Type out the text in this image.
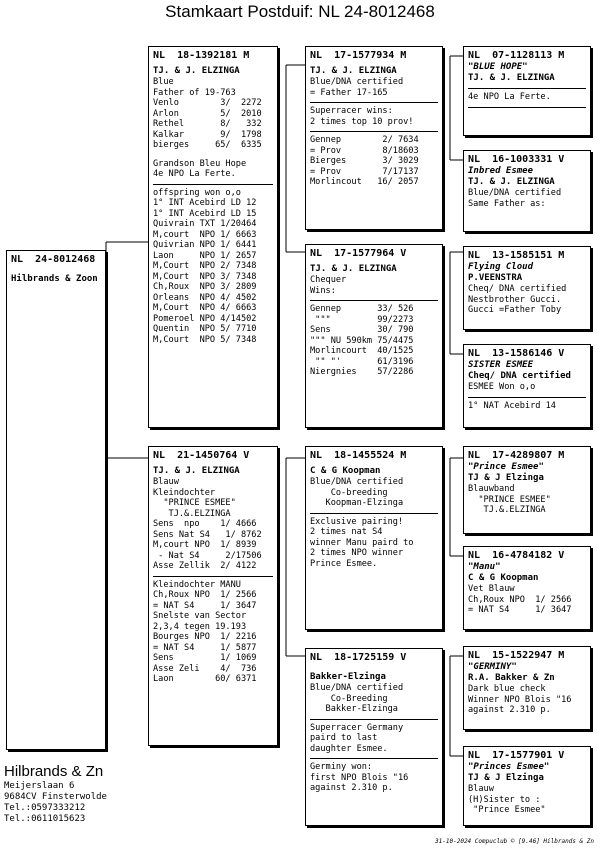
Stamkaart Postduif: NL 24-8012468
NL  24-8012468
Hilbrands & Zoon
NL  18-1392181 M
TJ. & J. ELZINGA
Blue
Father of 19-763
Venlo        3/  2272
Arlon        5/  2010
Rethel       8/   332
Kalkar       9/  1798
bierges     65/  6335
Grandson Bleu Hope
4e NPO La Ferte.
offspring won o,o
1° INT Acebird LD 12
1° INT Acebird LD 15
Quivrain TXT 1/20464
M,court  NPO 1/ 6663
Quivrian NPO 1/ 6441
Laon     NPO 1/ 2657
M,Court  NPO 2/ 7348
M,Court  NPO 3/ 7348
Ch,Roux  NPO 3/ 2809
Orleans  NPO 4/ 4502
M,Court  NPO 4/ 6663
Pomeroel NPO 4/14502
Quentin  NPO 5/ 7710
M,Court  NPO 5/ 7348
NL  21-1450764 V
TJ. & J. ELZINGA
Blauw
Kleindochter
"PRINCE ESMEE"
TJ.&.ELZINGA
Sens  npo    1/ 4666
Sens Nat S4   1/ 8762
M,court NPO  1/ 8939
- Nat S4     2/17506
Asse Zellik  2/ 4122
Kleindochter MANU
Ch,Roux NPO  1/ 2566
= NAT S4     1/ 3647
Snelste van Sector
2,3,4 tegen 19.193
Bourges NPO  1/ 2216
= NAT S4     1/ 5877
Sens         1/ 1069
Asse Zeli    4/  736
Laon        60/ 6371
NL  17-1577934 M
TJ. & J. ELZINGA
Blue/DNA certified
= Father 17-165
Superracer wins:
2 times top 10 prov!
Gennep        2/ 7634
= Prov        8/18603
Bierges       3/ 3029
= Prov        7/17137
Morlincout   16/ 2057
NL  17-1577964 V
TJ. & J. ELZINGA
Chequer
Wins:
Gennep       33/ 526
"""         99/2273
Sens         30/ 790
""" NU 590km 75/4475
Morlincourt  40/1525
"" "'       61/3196
Niergnies    57/2286
NL  18-1455524 M
C & G Koopman
Blue/DNA certified
Co-breeding
Koopman-Elzinga
Exclusive pairing!
2 times nat S4
winner Manu paird to
2 times NPO winner
Prince Esmee.
NL  18-1725159 V
Bakker-Elzinga
Blue/DNA certified
Co-Breeding
Bakker-Elzinga
Superracer Germany
paird to last
daughter Esmee.
Germiny won:
first NPO Blois "16
against 2.310 p.
NL  07-1128113 M
"BLUE HOPE"
TJ. & J. ELZINGA
4e NPO La Ferte.
NL  16-1003331 V
Inbred Esmee
TJ. & J. ELZINGA
Blue/DNA certified
Same Father as:
NL  13-1585151 M
Flying Cloud
P.VEENSTRA
Cheq/ DNA certified
Nestbrother Gucci.
Gucci =Father Toby
NL  13-1586146 V
SISTER ESMEE
Cheq/ DNA certified
ESMEE Won o,o
1° NAT Acebird 14
NL  17-4289807 M
"Prince Esmee"
TJ & J Elzinga
Blauwband
"PRINCE ESMEE"
TJ.&.ELZINGA
NL  16-4784182 V
"Manu"
C & G Koopman
Vet Blauw
Ch,Roux NPO  1/ 2566
= NAT S4     1/ 3647
NL  15-1522947 M
"GERMINY"
R.A. Bakker & Zn
Dark blue check
Winner NPO Blois "16
against 2.310 p.
NL  17-1577901 V
"Princes Esmee"
TJ & J Elzinga
Blauw
(H)Sister to :
"Prince Esmee"
Hilbrands & Zn
Meijerslaan 6
9684CV Finsterwolde
Tel.:0597333212
Tel.:0611015623
31-10-2024 Compuclub © [9.46] Hilbrands & Zn
